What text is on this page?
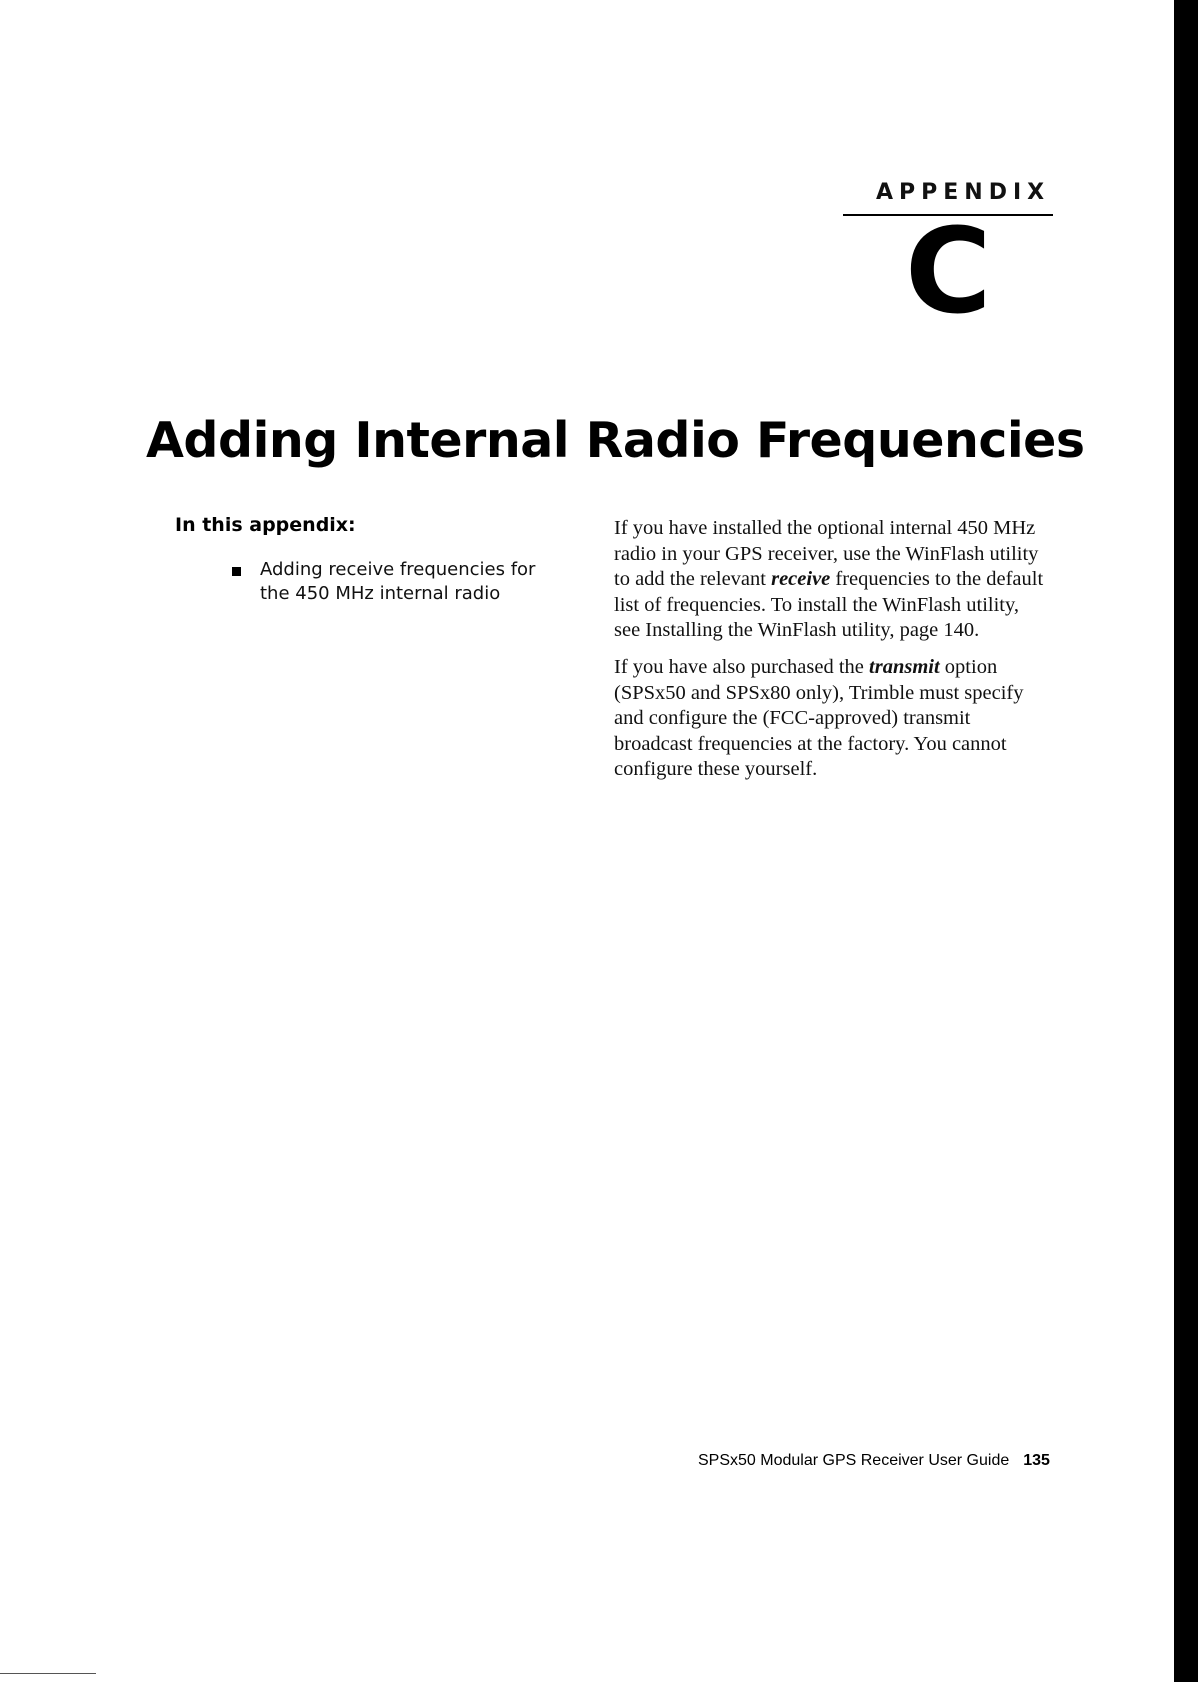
APPENDIX
C
Adding Internal Radio Frequencies
In this appendix:
Adding receive frequencies for
the 450 MHz internal radio

If you have installed the optional internal 450 MHz radio in your GPS receiver, use the WinFlash utility to add the relevant receive frequencies to the default list of frequencies. To install the WinFlash utility, see Installing the WinFlash utility, page 140.

If you have also purchased the transmit option (SPSx50 and SPSx80 only), Trimble must specify and configure the (FCC-approved) transmit broadcast frequencies at the factory. You cannot configure these yourself.

SPSx50 Modular GPS Receiver User Guide 135
